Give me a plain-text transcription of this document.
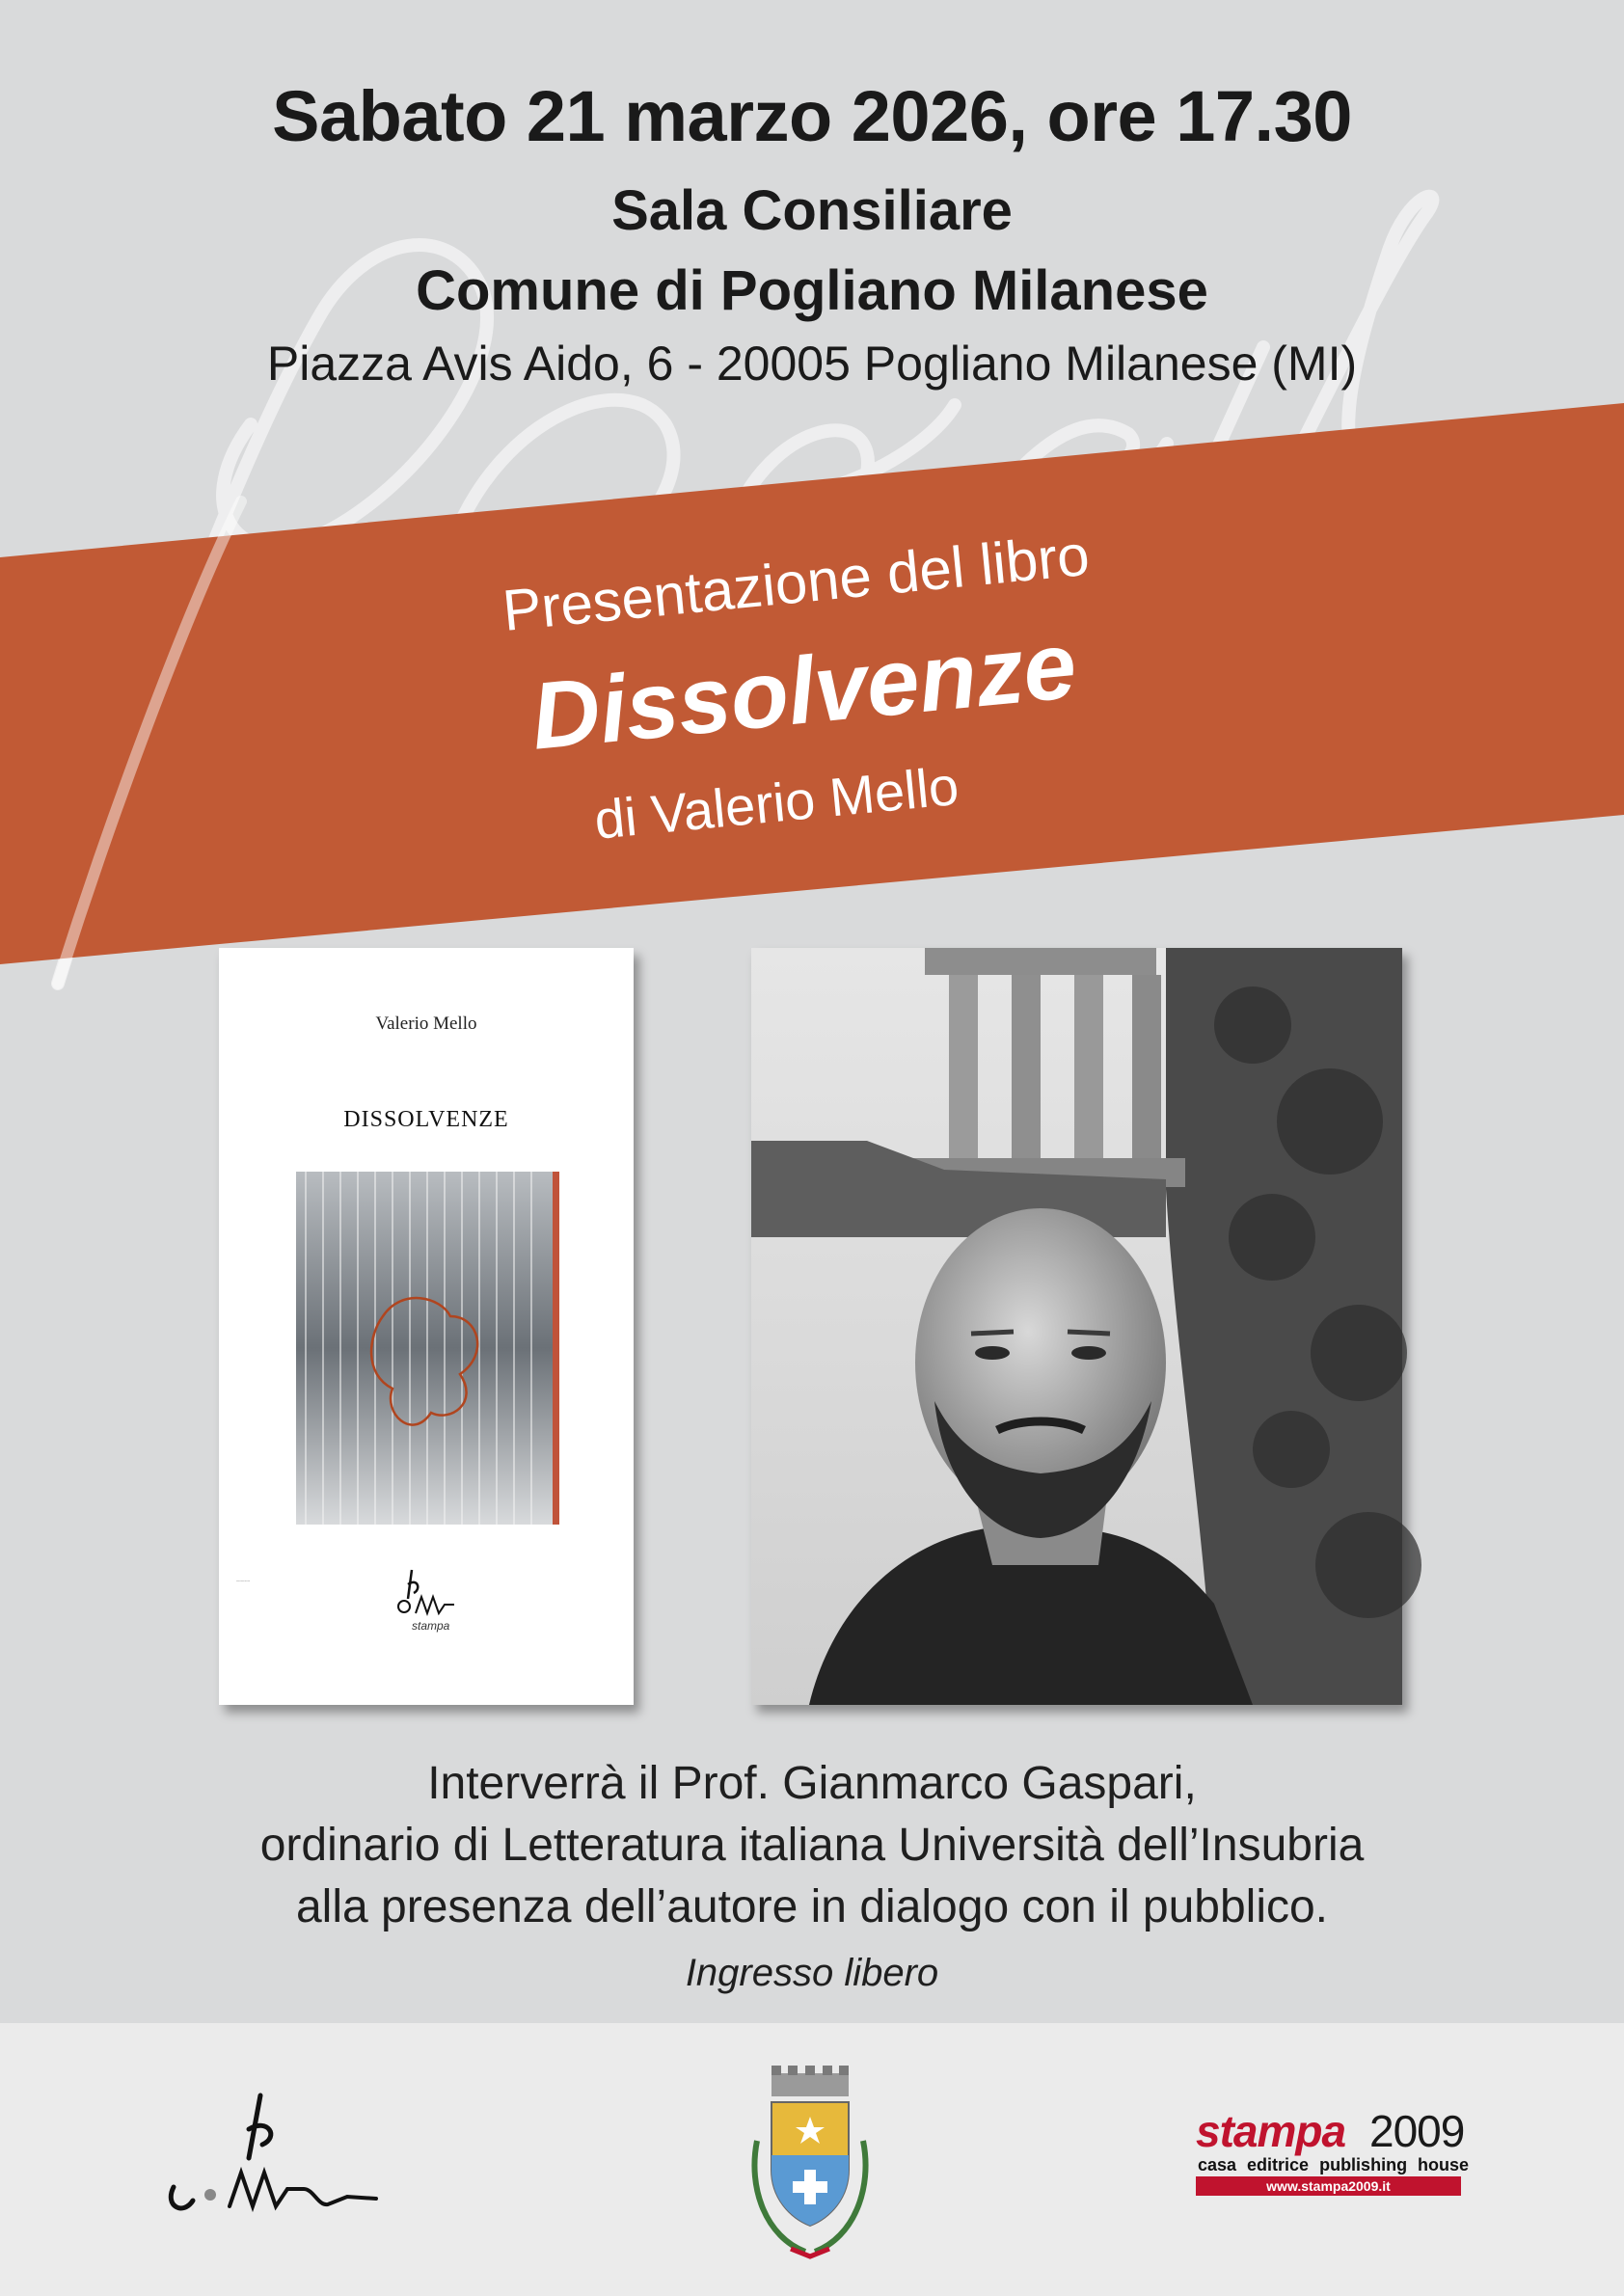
Sabato 21 marzo 2026, ore 17.30
Sala Consiliare
Comune di Pogliano Milanese
Piazza Avis Aido, 6 - 20005 Pogliano Milanese (MI)
Presentazione del libro
Dissolvenze
di Valerio Mello
Valerio Mello
DISSOLVENZE
stampa
Interverrà il Prof. Gianmarco Gaspari,
ordinario di Letteratura italiana Università dell’Insubria
alla presenza dell’autore in dialogo con il pubblico.
Ingresso libero
Pogliano Milanese coat of arms
stampa 2009
casa editrice publishing house
www.stampa2009.it
